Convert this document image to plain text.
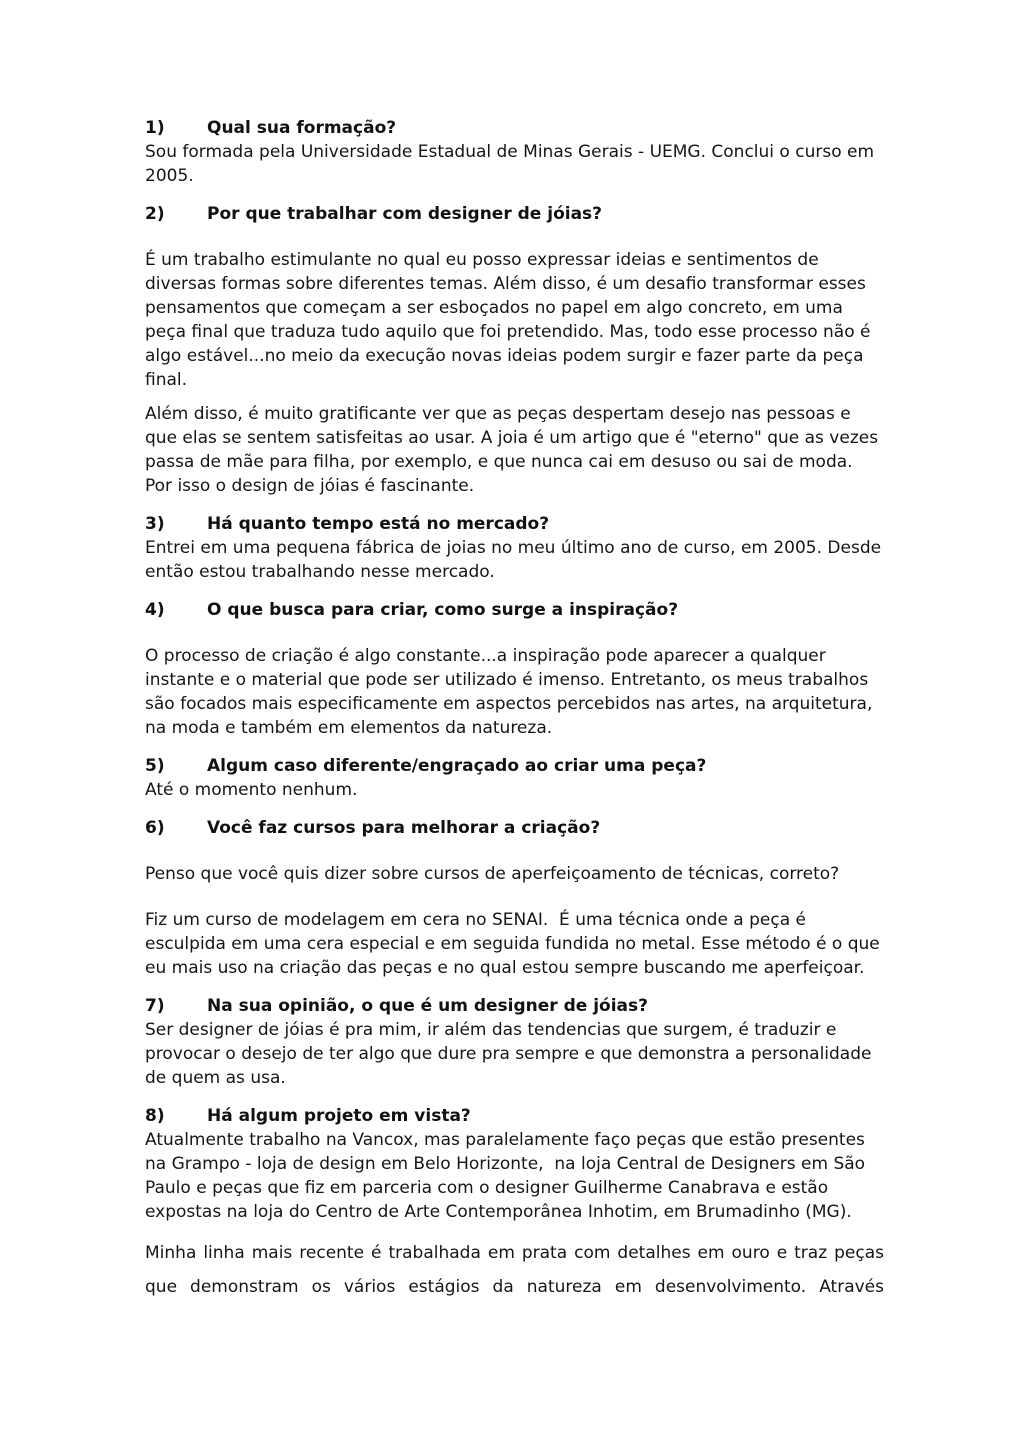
1)	Qual sua formação?

Sou formada pela Universidade Estadual de Minas Gerais - UEMG. Conclui o curso em 2005.

2)	Por que trabalhar com designer de jóias?

É um trabalho estimulante no qual eu posso expressar ideias e sentimentos de diversas formas sobre diferentes temas. Além disso, é um desafio transformar esses pensamentos que começam a ser esboçados no papel em algo concreto, em uma peça final que traduza tudo aquilo que foi pretendido. Mas, todo esse processo não é algo estável...no meio da execução novas ideias podem surgir e fazer parte da peça final.

Além disso, é muito gratificante ver que as peças despertam desejo nas pessoas e que elas se sentem satisfeitas ao usar. A joia é um artigo que é "eterno" que as vezes passa de mãe para filha, por exemplo, e que nunca cai em desuso ou sai de moda. Por isso o design de jóias é fascinante.

3)	Há quanto tempo está no mercado?

Entrei em uma pequena fábrica de joias no meu último ano de curso, em 2005. Desde então estou trabalhando nesse mercado.

4)	O que busca para criar, como surge a inspiração?

O processo de criação é algo constante...a inspiração pode aparecer a qualquer instante e o material que pode ser utilizado é imenso. Entretanto, os meus trabalhos são focados mais especificamente em aspectos percebidos nas artes, na arquitetura, na moda e também em elementos da natureza.

5)	Algum caso diferente/engraçado ao criar uma peça?

Até o momento nenhum.

6)	Você faz cursos para melhorar a criação?

Penso que você quis dizer sobre cursos de aperfeiçoamento de técnicas, correto?

Fiz um curso de modelagem em cera no SENAI.  É uma técnica onde a peça é esculpida em uma cera especial e em seguida fundida no metal. Esse método é o que eu mais uso na criação das peças e no qual estou sempre buscando me aperfeiçoar.

7)	Na sua opinião, o que é um designer de jóias?

Ser designer de jóias é pra mim, ir além das tendencias que surgem, é traduzir e provocar o desejo de ter algo que dure pra sempre e que demonstra a personalidade de quem as usa.

8)	Há algum projeto em vista?

Atualmente trabalho na Vancox, mas paralelamente faço peças que estão presentes na Grampo - loja de design em Belo Horizonte,  na loja Central de Designers em São Paulo e peças que fiz em parceria com o designer Guilherme Canabrava e estão expostas na loja do Centro de Arte Contemporânea Inhotim, em Brumadinho (MG).

Minha linha mais recente é trabalhada em prata com detalhes em ouro e traz peças que demonstram os vários estágios da natureza em desenvolvimento. Através
